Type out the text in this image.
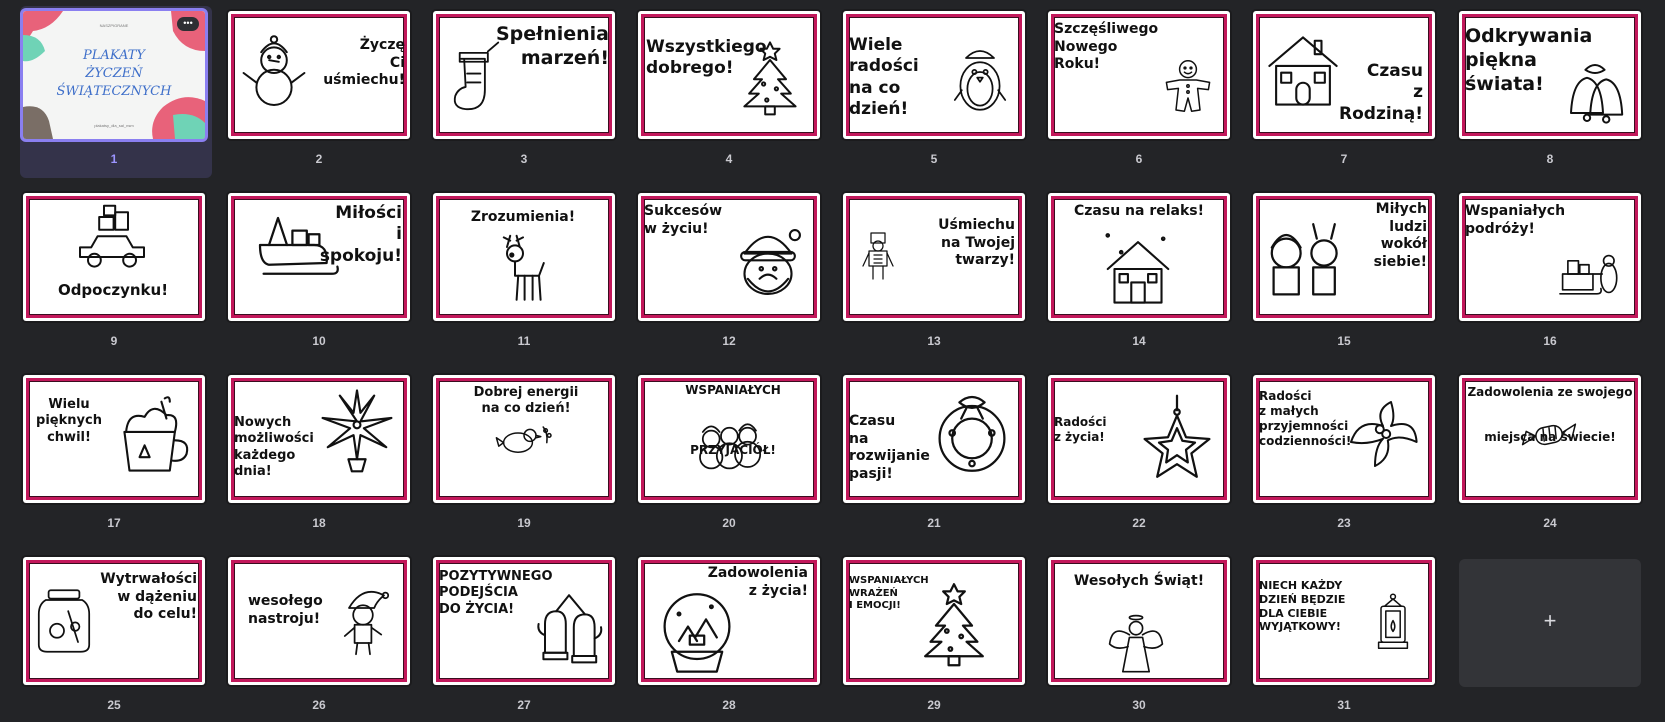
NASZPIGRANE
PLAKATY
ŻYCZEŃ
ŚWIĄTECZNYCH
plakatsy_dla_sal_nsm
•••
1
Życzę
Ci
uśmiechu!
2
Spełnienia
marzeń!
3
Wszystkiego
dobrego!
4
Wiele
radości
na co dzień!
5
Szczęśliwego
Nowego
Roku!
6
Czasu
z Rodziną!
7
Odkrywania
piękna
świata!
8
Odpoczynku!
9
Miłości
i spokoju!
10
Zrozumienia!
11
Sukcesów
w życiu!
12
Uśmiechu
na Twojej
twarzy!
13
Czasu na relaks!
14
Miłych
ludzi
wokół
siebie!
15
Wspaniałych
podróży!
16
Wielu
pięknych
chwil!
17
Nowych
możliwości
każdego dnia!
18
Dobrej energii
na co dzień!
19
WSPANIAŁYCH

PRZYJACIÓŁ!
20
Czasu
na
rozwijanie pasji!
21
Radości
z życia!
22
Radości
z małych
przyjemności
codzienności!
23
Zadowolenia ze swojego

miejsca na świecie!
24
Wytrwałości
w dążeniu
do celu!
25
wesołego
nastroju!
26
POZYTYWNEGO
PODEJŚCIA
DO ŻYCIA!
27
Zadowolenia
z życia!
28
WSPANIAŁYCH
WRAŻEŃ
I EMOCJI!
29
Wesołych Świąt!
30
NIECH KAŻDY
DZIEŃ BĘDZIE
DLA CIEBIE
WYJĄTKOWY!
31
+
